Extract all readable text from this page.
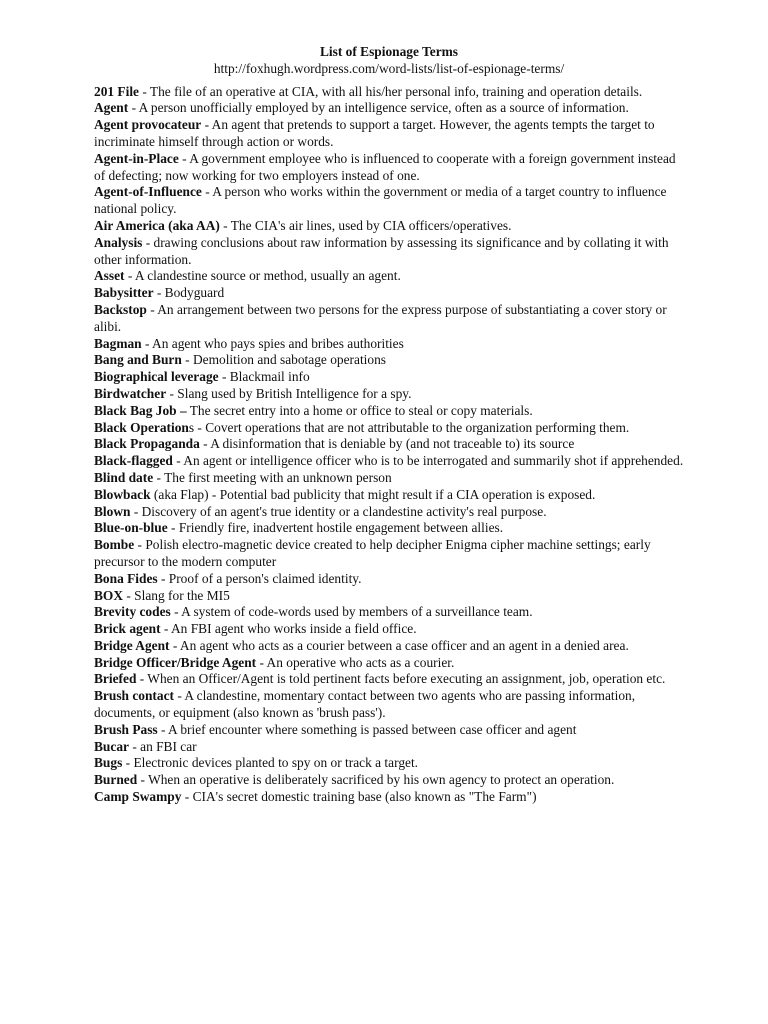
List of Espionage Terms

http://foxhugh.wordpress.com/word-lists/list-of-espionage-terms/

201 File - The file of an operative at CIA, with all his/her personal info, training and operation details.

Agent - A person unofficially employed by an intelligence service, often as a source of information.

Agent provocateur - An agent that pretends to support a target. However, the agents tempts the target to incriminate himself through action or words.

Agent-in-Place - A government employee who is influenced to cooperate with a foreign government instead of defecting; now working for two employers instead of one.

Agent-of-Influence - A person who works within the government or media of a target country to influence national policy.

Air America (aka AA) - The CIA's air lines, used by CIA officers/operatives.

Analysis - drawing conclusions about raw information by assessing its significance and by collating it with other information.

Asset - A clandestine source or method, usually an agent.

Babysitter - Bodyguard

Backstop - An arrangement between two persons for the express purpose of substantiating a cover story or alibi.

Bagman - An agent who pays spies and bribes authorities

Bang and Burn - Demolition and sabotage operations

Biographical leverage - Blackmail info

Birdwatcher - Slang used by British Intelligence for a spy.

Black Bag Job – The secret entry into a home or office to steal or copy materials.

Black Operations - Covert operations that are not attributable to the organization performing them.

Black Propaganda - A disinformation that is deniable by (and not traceable to) its source

Black-flagged - An agent or intelligence officer who is to be interrogated and summarily shot if apprehended.

Blind date - The first meeting with an unknown person

Blowback (aka Flap) - Potential bad publicity that might result if a CIA operation is exposed.

Blown - Discovery of an agent's true identity or a clandestine activity's real purpose.

Blue-on-blue - Friendly fire, inadvertent hostile engagement between allies.

Bombe - Polish electro-magnetic device created to help decipher Enigma cipher machine settings; early precursor to the modern computer

Bona Fides - Proof of a person's claimed identity.

BOX - Slang for the MI5

Brevity codes - A system of code-words used by members of a surveillance team.

Brick agent - An FBI agent who works inside a field office.

Bridge Agent - An agent who acts as a courier between a case officer and an agent in a denied area.

Bridge Officer/Bridge Agent - An operative who acts as a courier.

Briefed - When an Officer/Agent is told pertinent facts before executing an assignment, job, operation etc.

Brush contact - A clandestine, momentary contact between two agents who are passing information, documents, or equipment (also known as 'brush pass').

Brush Pass - A brief encounter where something is passed between case officer and agent

Bucar - an FBI car

Bugs - Electronic devices planted to spy on or track a target.

Burned - When an operative is deliberately sacrificed by his own agency to protect an operation.

Camp Swampy - CIA's secret domestic training base (also known as "The Farm")
